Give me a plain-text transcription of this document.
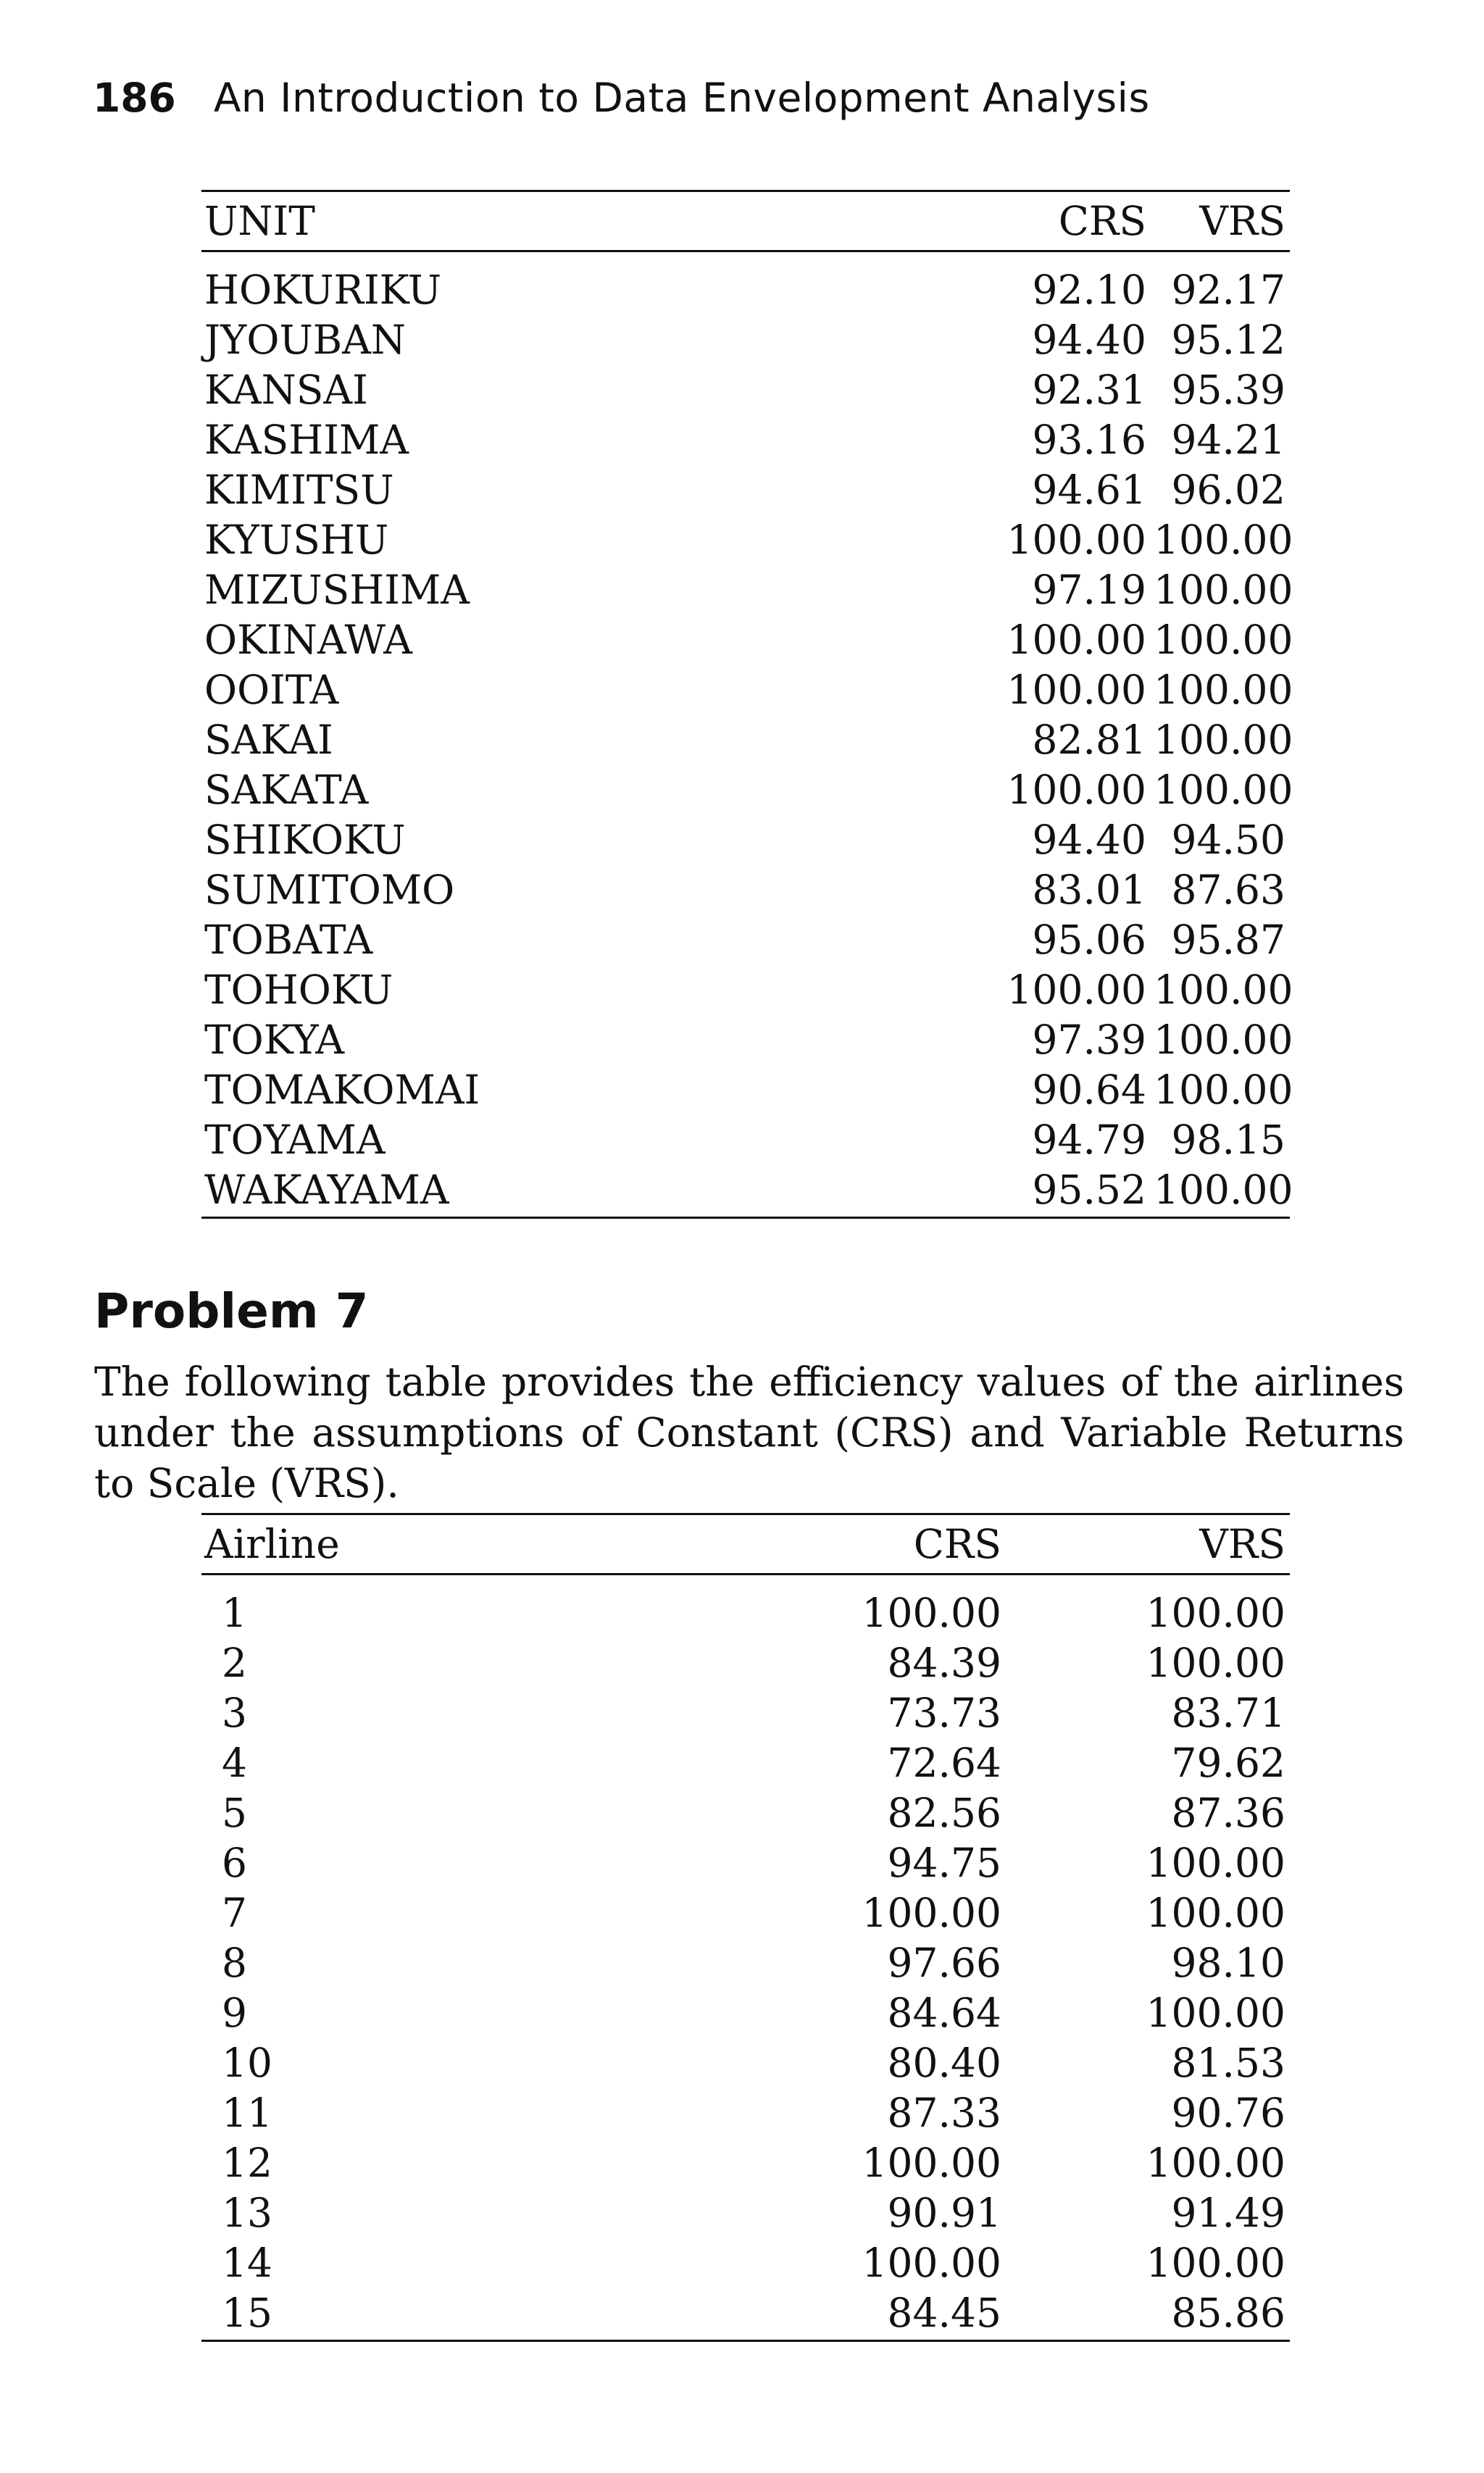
186 An Introduction to Data Envelopment Analysis
UNIT	CRS	VRS
HOKURIKU	92.10	92.17
JYOUBAN	94.40	95.12
KANSAI	92.31	95.39
KASHIMA	93.16	94.21
KIMITSU	94.61	96.02
KYUSHU	100.00	100.00
MIZUSHIMA	97.19	100.00
OKINAWA	100.00	100.00
OOITA	100.00	100.00
SAKAI	82.81	100.00
SAKATA	100.00	100.00
SHIKOKU	94.40	94.50
SUMITOMO	83.01	87.63
TOBATA	95.06	95.87
TOHOKU	100.00	100.00
TOKYA	97.39	100.00
TOMAKOMAI	90.64	100.00
TOYAMA	94.79	98.15
WAKAYAMA	95.52	100.00
Problem 7

The following table provides the efficiency values of the airlines under the assumptions of Constant (CRS) and Variable Returns to Scale (VRS).

Airline	CRS	VRS
1	100.00	100.00
2	84.39	100.00
3	73.73	83.71
4	72.64	79.62
5	82.56	87.36
6	94.75	100.00
7	100.00	100.00
8	97.66	98.10
9	84.64	100.00
10	80.40	81.53
11	87.33	90.76
12	100.00	100.00
13	90.91	91.49
14	100.00	100.00
15	84.45	85.86
